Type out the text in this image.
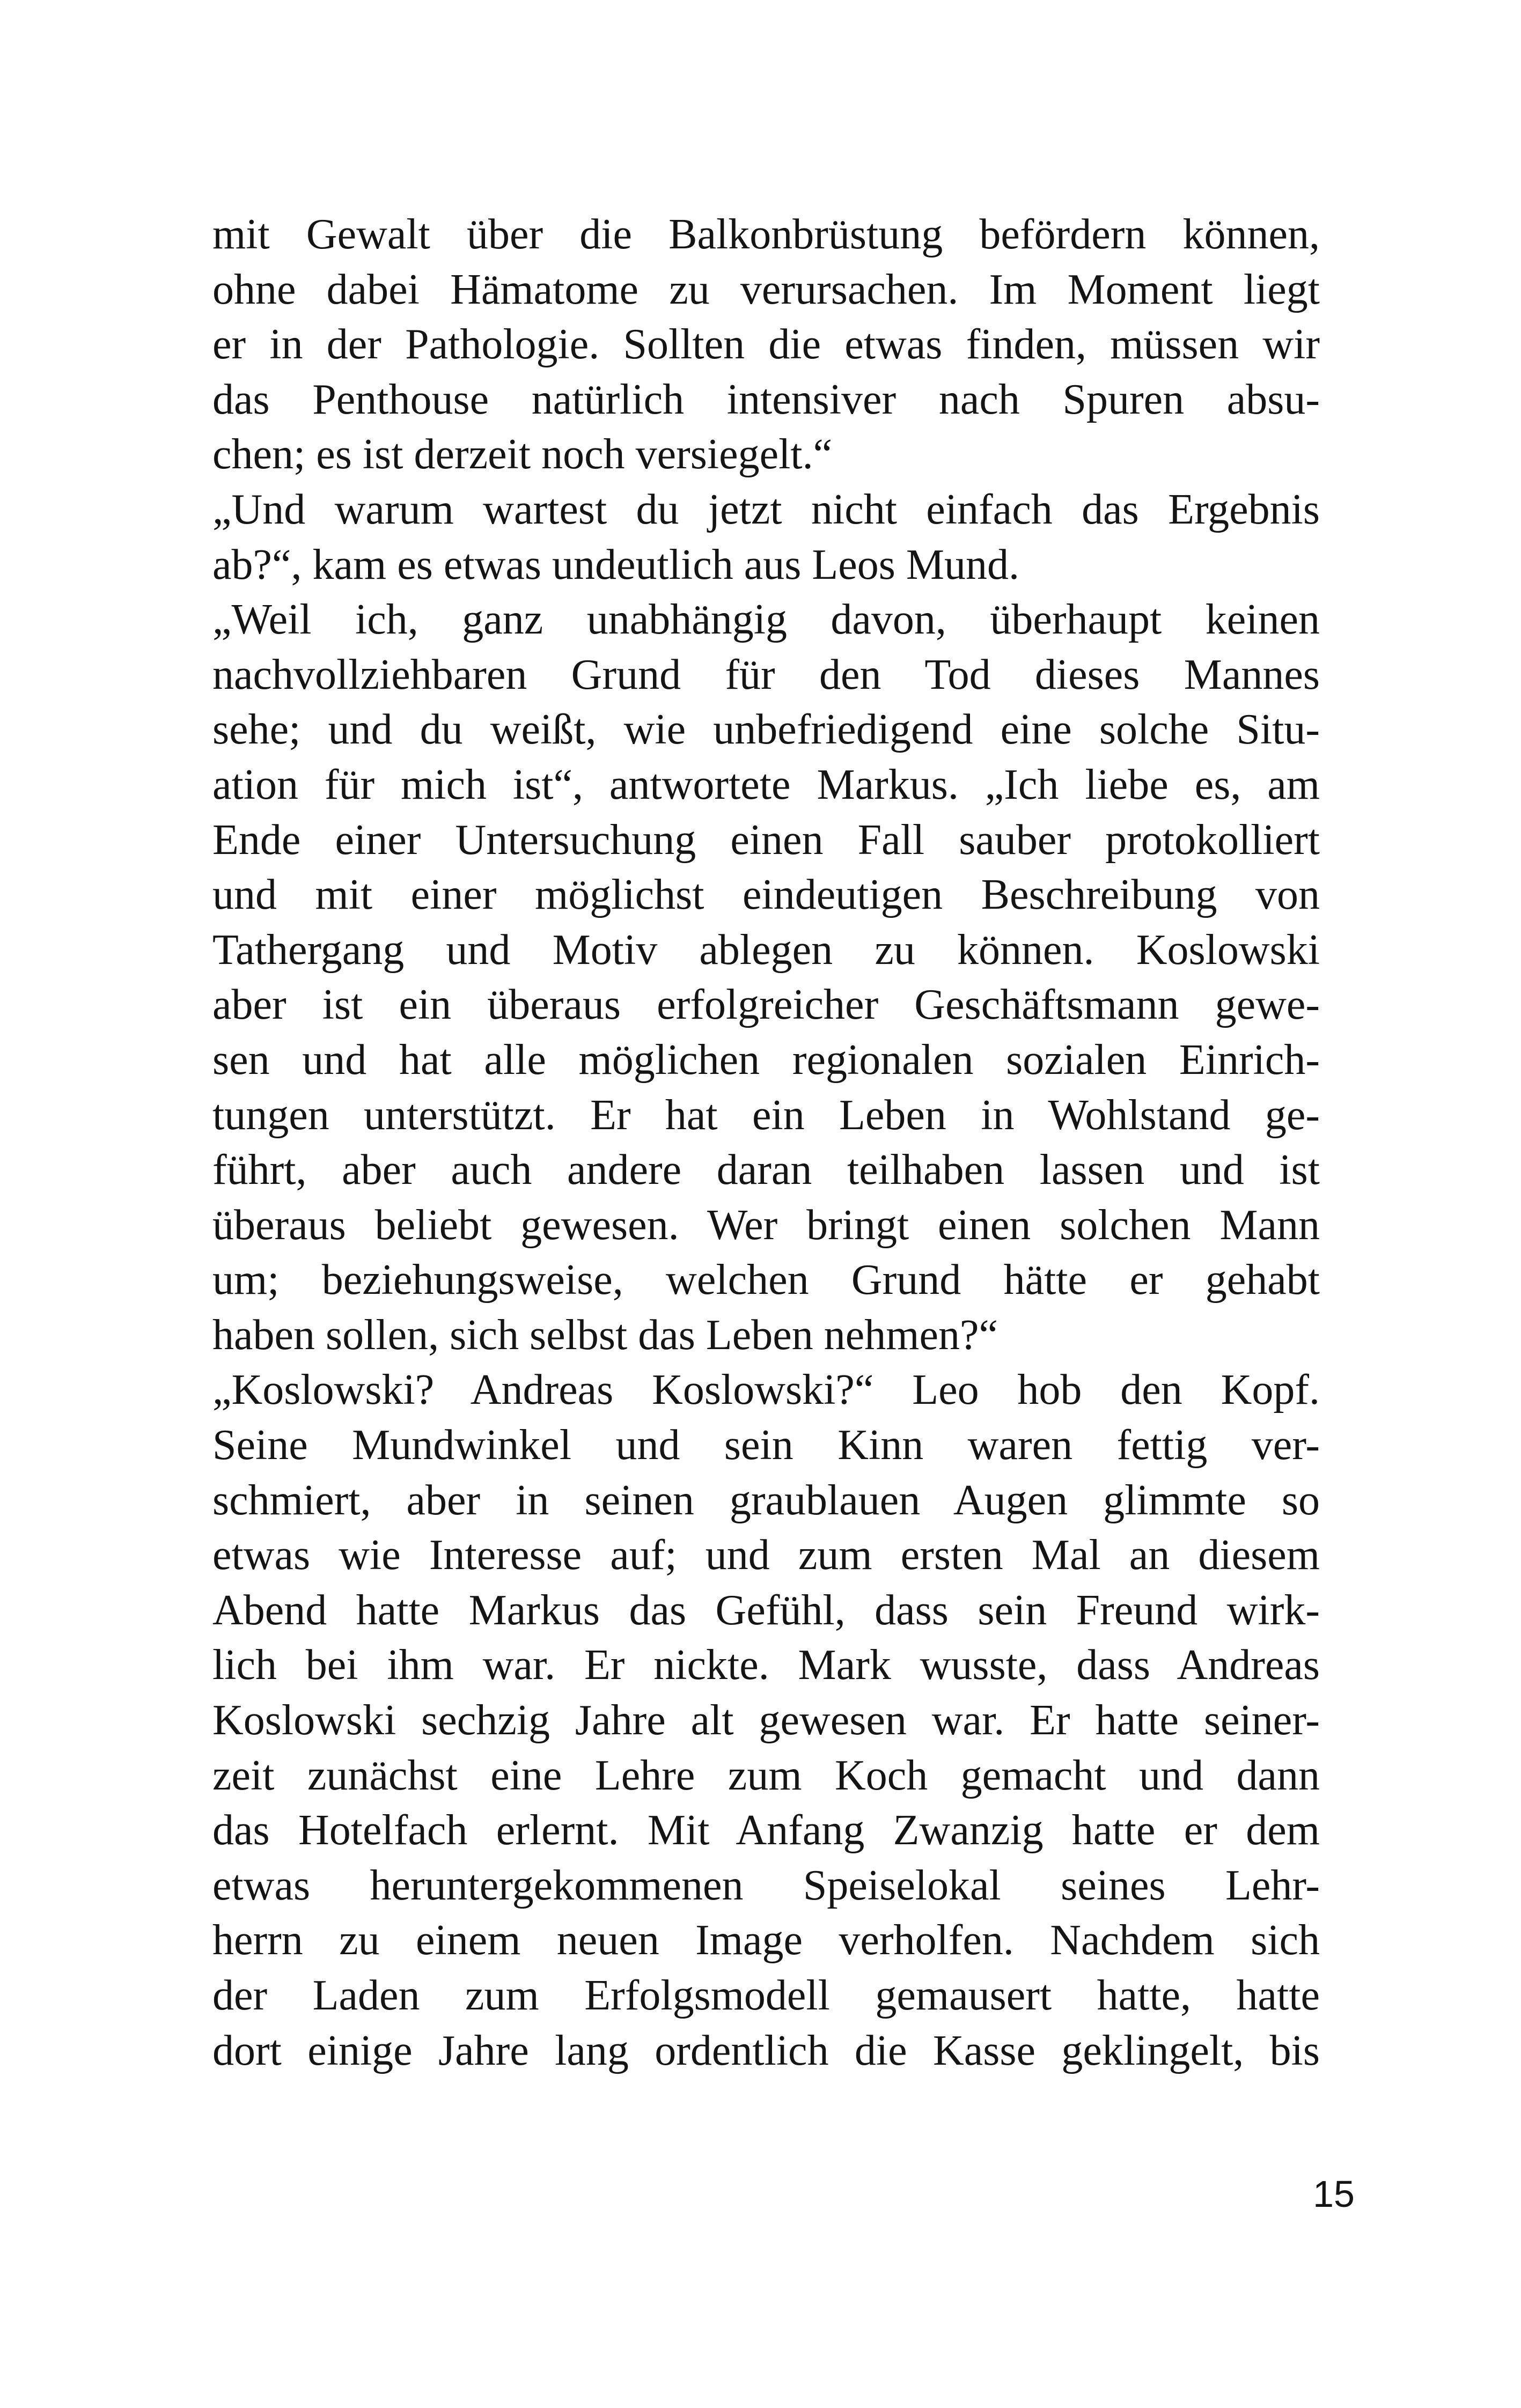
mit Gewalt über die Balkonbrüstung befördern können,
ohne dabei Hämatome zu verursachen. Im Moment liegt
er in der Pathologie. Sollten die etwas finden, müssen wir
das Penthouse natürlich intensiver nach Spuren absu-
chen; es ist derzeit noch versiegelt.“
„Und warum wartest du jetzt nicht einfach das Ergebnis
ab?“, kam es etwas undeutlich aus Leos Mund.
„Weil ich, ganz unabhängig davon, überhaupt keinen
nachvollziehbaren Grund für den Tod dieses Mannes
sehe; und du weißt, wie unbefriedigend eine solche Situ-
ation für mich ist“, antwortete Markus. „Ich liebe es, am
Ende einer Untersuchung einen Fall sauber protokolliert
und mit einer möglichst eindeutigen Beschreibung von
Tathergang und Motiv ablegen zu können. Koslowski
aber ist ein überaus erfolgreicher Geschäftsmann gewe-
sen und hat alle möglichen regionalen sozialen Einrich-
tungen unterstützt. Er hat ein Leben in Wohlstand ge-
führt, aber auch andere daran teilhaben lassen und ist
überaus beliebt gewesen. Wer bringt einen solchen Mann
um; beziehungsweise, welchen Grund hätte er gehabt
haben sollen, sich selbst das Leben nehmen?“
„Koslowski? Andreas Koslowski?“ Leo hob den Kopf.
Seine Mundwinkel und sein Kinn waren fettig ver-
schmiert, aber in seinen graublauen Augen glimmte so
etwas wie Interesse auf; und zum ersten Mal an diesem
Abend hatte Markus das Gefühl, dass sein Freund wirk-
lich bei ihm war. Er nickte. Mark wusste, dass Andreas
Koslowski sechzig Jahre alt gewesen war. Er hatte seiner-
zeit zunächst eine Lehre zum Koch gemacht und dann
das Hotelfach erlernt. Mit Anfang Zwanzig hatte er dem
etwas heruntergekommenen Speiselokal seines Lehr-
herrn zu einem neuen Image verholfen. Nachdem sich
der Laden zum Erfolgsmodell gemausert hatte, hatte
dort einige Jahre lang ordentlich die Kasse geklingelt, bis
15
